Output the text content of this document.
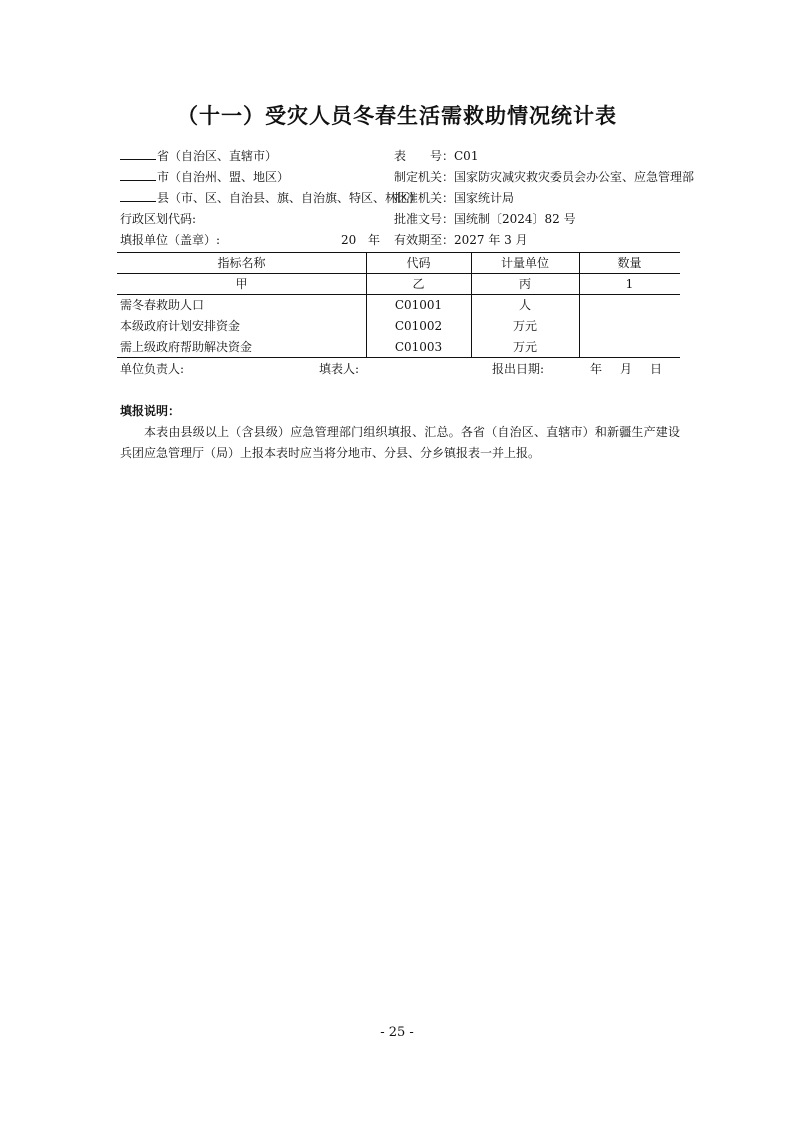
（十一）受灾人员冬春生活需救助情况统计表
省（自治区、直辖市）
市（自治州、盟、地区）
县（市、区、自治县、旗、自治旗、特区、林区）
行政区划代码:
填报单位（盖章）:	20 年
表　　号：C01
制定机关：国家防灾减灾救灾委员会办公室、应急管理部
批准机关：国家统计局
批准文号：国统制〔2024〕82 号
有效期至：2027 年 3 月
指标名称	代码	计量单位	数量
甲	乙	丙	1
需冬春救助人口	C01001	人
本级政府计划安排资金	C01002	万元
需上级政府帮助解决资金	C01003	万元
单位负责人:	填表人:	报出日期:	年 月 日
填报说明：
本表由县级以上（含县级）应急管理部门组织填报、汇总。各省（自治区、直辖市）和新疆生产建设兵团应急管理厅（局）上报本表时应当将分地市、分县、分乡镇报表一并上报。
- 25 -
